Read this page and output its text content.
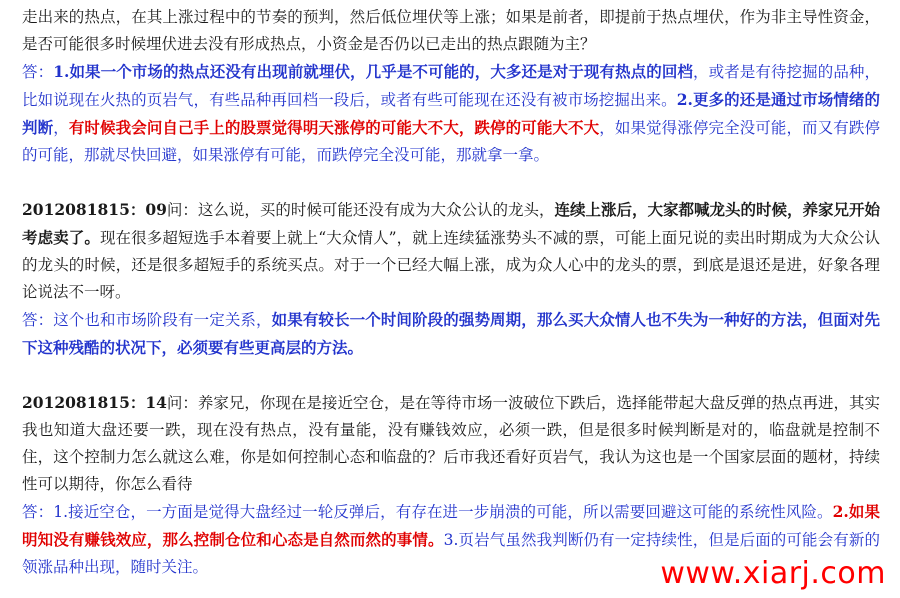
走出来的热点，在其上涨过程中的节奏的预判，然后低位埋伏等上涨；如果是前者，即提前于热点埋伏，作为非主导性资金，是否可能很多时候埋伏进去没有形成热点，小资金是否仍以已走出的热点跟随为主？

答：1.如果一个市场的热点还没有出现前就埋伏，几乎是不可能的，大多还是对于现有热点的回档，或者是有待挖掘的品种，比如说现在火热的页岩气，有些品种再回档一段后，或者有些可能现在还没有被市场挖掘出来。2.更多的还是通过市场情绪的判断，有时候我会问自己手上的股票觉得明天涨停的可能大不大，跌停的可能大不大，如果觉得涨停完全没可能，而又有跌停的可能，那就尽快回避，如果涨停有可能，而跌停完全没可能，那就拿一拿。

2012081815：09问：这么说，买的时候可能还没有成为大众公认的龙头，连续上涨后，大家都喊龙头的时候，养家兄开始考虑卖了。现在很多超短选手本着要上就上“大众情人”，就上连续猛涨势头不减的票，可能上面兄说的卖出时期成为大众公认的龙头的时候，还是很多超短手的系统买点。对于一个已经大幅上涨，成为众人心中的龙头的票，到底是退还是进，好象各理论说法不一呀。

答：这个也和市场阶段有一定关系，如果有较长一个时间阶段的强势周期，那么买大众情人也不失为一种好的方法，但面对先下这种残酷的状况下，必须要有些更高层的方法。

2012081815：14问：养家兄，你现在是接近空仓，是在等待市场一波破位下跌后，选择能带起大盘反弹的热点再进，其实我也知道大盘还要一跌，现在没有热点，没有量能，没有赚钱效应，必须一跌，但是很多时候判断是对的，临盘就是控制不住，这个控制力怎么就这么难，你是如何控制心态和临盘的？后市我还看好页岩气，我认为这也是一个国家层面的题材，持续性可以期待，你怎么看待

答：1.接近空仓，一方面是觉得大盘经过一轮反弹后，有存在进一步崩溃的可能，所以需要回避这可能的系统性风险。2.如果明知没有赚钱效应，那么控制仓位和心态是自然而然的事情。3.页岩气虽然我判断仍有一定持续性，但是后面的可能会有新的领涨品种出现，随时关注。	www.xiarj.com
